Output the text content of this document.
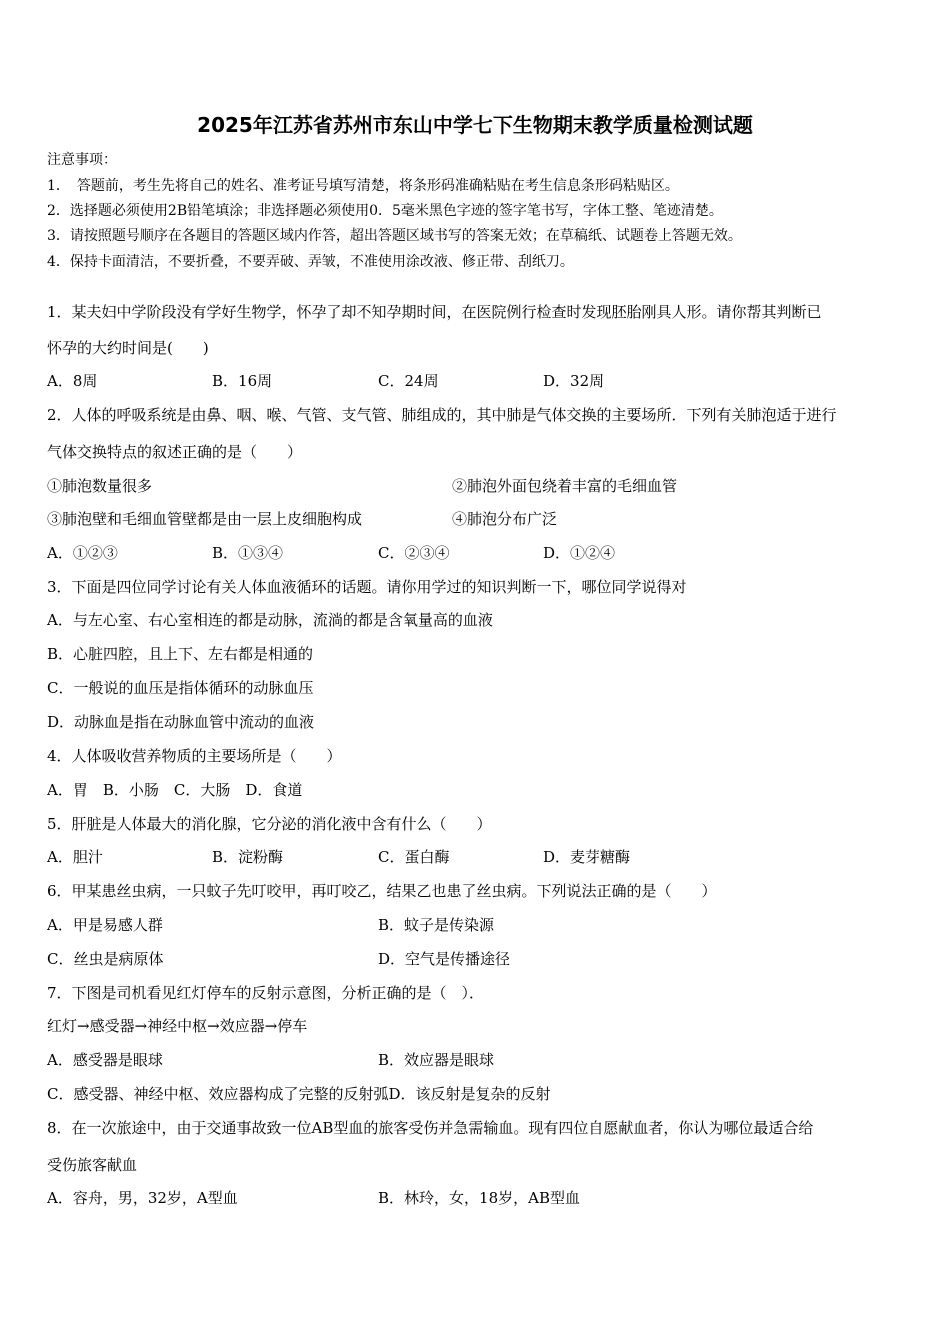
2025年江苏省苏州市东山中学七下生物期末教学质量检测试题
注意事项：
1．　答题前，考生先将自己的姓名、准考证号填写清楚，将条形码准确粘贴在考生信息条形码粘贴区。
2．选择题必须使用2B铅笔填涂；非选择题必须使用0．5毫米黑色字迹的签字笔书写，字体工整、笔迹清楚。
3．请按照题号顺序在各题目的答题区域内作答，超出答题区域书写的答案无效；在草稿纸、试题卷上答题无效。
4．保持卡面清洁，不要折叠，不要弄破、弄皱，不准使用涂改液、修正带、刮纸刀。
1．某夫妇中学阶段没有学好生物学，怀孕了却不知孕期时间，在医院例行检查时发现胚胎刚具人形。请你帮其判断已
怀孕的大约时间是(　　)
A．8周	B．16周	C．24周	D．32周
2．人体的呼吸系统是由鼻、咽、喉、气管、支气管、肺组成的，其中肺是气体交换的主要场所．下列有关肺泡适于进行
气体交换特点的叙述正确的是（　　）
①肺泡数量很多	②肺泡外面包绕着丰富的毛细血管
③肺泡壁和毛细血管壁都是由一层上皮细胞构成	④肺泡分布广泛
A．①②③	B．①③④	C．②③④	D．①②④
3．下面是四位同学讨论有关人体血液循环的话题。请你用学过的知识判断一下，哪位同学说得对
A．与左心室、右心室相连的都是动脉，流淌的都是含氧量高的血液
B．心脏四腔，且上下、左右都是相通的
C．一般说的血压是指体循环的动脉血压
D．动脉血是指在动脉血管中流动的血液
4．人体吸收营养物质的主要场所是（　　）
A．胃　B．小肠　C．大肠　D．食道
5．肝脏是人体最大的消化腺，它分泌的消化液中含有什么（　　）
A．胆汁	B．淀粉酶	C．蛋白酶	D．麦芽糖酶
6．甲某患丝虫病，一只蚊子先叮咬甲，再叮咬乙，结果乙也患了丝虫病。下列说法正确的是（　　）
A．甲是易感人群	B．蚊子是传染源
C．丝虫是病原体	D．空气是传播途径
7．下图是司机看见红灯停车的反射示意图，分析正确的是（　）．
红灯→感受器→神经中枢→效应器→停车
A．感受器是眼球	B．效应器是眼球
C．感受器、神经中枢、效应器构成了完整的反射弧D．该反射是复杂的反射
8．在一次旅途中，由于交通事故致一位AB型血的旅客受伤并急需输血。现有四位自愿献血者，你认为哪位最适合给
受伤旅客献血
A．容舟，男，32岁，A型血	B．林玲，女，18岁，AB型血
